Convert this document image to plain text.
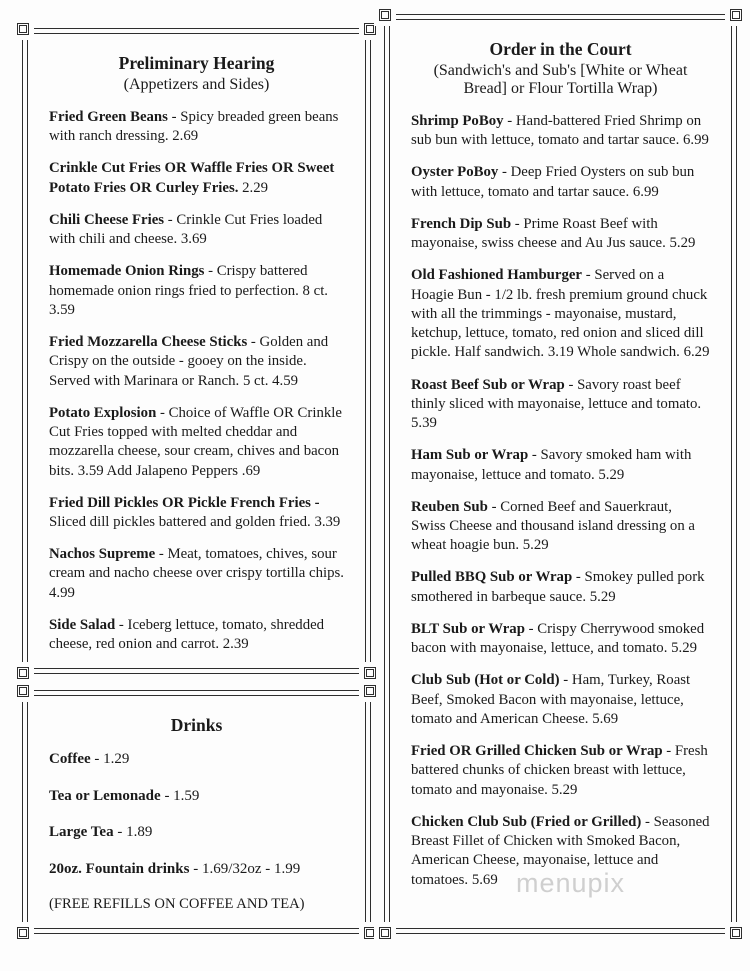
Preliminary Hearing
(Appetizers and Sides)

Fried Green Beans - Spicy breaded green beans with ranch dressing. 2.69

Crinkle Cut Fries OR Waffle Fries OR Sweet Potato Fries OR Curley Fries. 2.29

Chili Cheese Fries - Crinkle Cut Fries loaded with chili and cheese. 3.69

Homemade Onion Rings - Crispy battered homemade onion rings fried to perfection. 8 ct. 3.59

Fried Mozzarella Cheese Sticks - Golden and Crispy on the outside - gooey on the inside. Served with Marinara or Ranch. 5 ct. 4.59

Potato Explosion - Choice of Waffle OR Crinkle Cut Fries topped with melted cheddar and mozzarella cheese, sour cream, chives and bacon bits. 3.59 Add Jalapeno Peppers .69

Fried Dill Pickles OR Pickle French Fries - Sliced dill pickles battered and golden fried. 3.39

Nachos Supreme - Meat, tomatoes, chives, sour cream and nacho cheese over crispy tortilla chips. 4.99

Side Salad - Iceberg lettuce, tomato, shredded cheese, red onion and carrot. 2.39

Drinks

Coffee - 1.29

Tea or Lemonade - 1.59

Large Tea - 1.89

20oz. Fountain drinks - 1.69/32oz - 1.99

(FREE REFILLS ON COFFEE AND TEA)

Order in the Court
(Sandwich's and Sub's [White or Wheat Bread] or Flour Tortilla Wrap)

Shrimp PoBoy - Hand-battered Fried Shrimp on sub bun with lettuce, tomato and tartar sauce. 6.99

Oyster PoBoy - Deep Fried Oysters on sub bun with lettuce, tomato and tartar sauce. 6.99

French Dip Sub - Prime Roast Beef with mayonaise, swiss cheese and Au Jus sauce. 5.29

Old Fashioned Hamburger - Served on a Hoagie Bun - 1/2 lb. fresh premium ground chuck with all the trimmings - mayonaise, mustard, ketchup, lettuce, tomato, red onion and sliced dill pickle. Half sandwich. 3.19 Whole sandwich. 6.29

Roast Beef Sub or Wrap - Savory roast beef thinly sliced with mayonaise, lettuce and tomato. 5.39

Ham Sub or Wrap - Savory smoked ham with mayonaise, lettuce and tomato. 5.29

Reuben Sub - Corned Beef and Sauerkraut, Swiss Cheese and thousand island dressing on a wheat hoagie bun. 5.29

Pulled BBQ Sub or Wrap - Smokey pulled pork smothered in barbeque sauce. 5.29

BLT Sub or Wrap - Crispy Cherrywood smoked bacon with mayonaise, lettuce, and tomato. 5.29

Club Sub (Hot or Cold) - Ham, Turkey, Roast Beef, Smoked Bacon with mayonaise, lettuce, tomato and American Cheese. 5.69

Fried OR Grilled Chicken Sub or Wrap - Fresh battered chunks of chicken breast with lettuce, tomato and mayonaise. 5.29

Chicken Club Sub (Fried or Grilled) - Seasoned Breast Fillet of Chicken with Smoked Bacon, American Cheese, mayonaise, lettuce and tomatoes. 5.69 menupix
